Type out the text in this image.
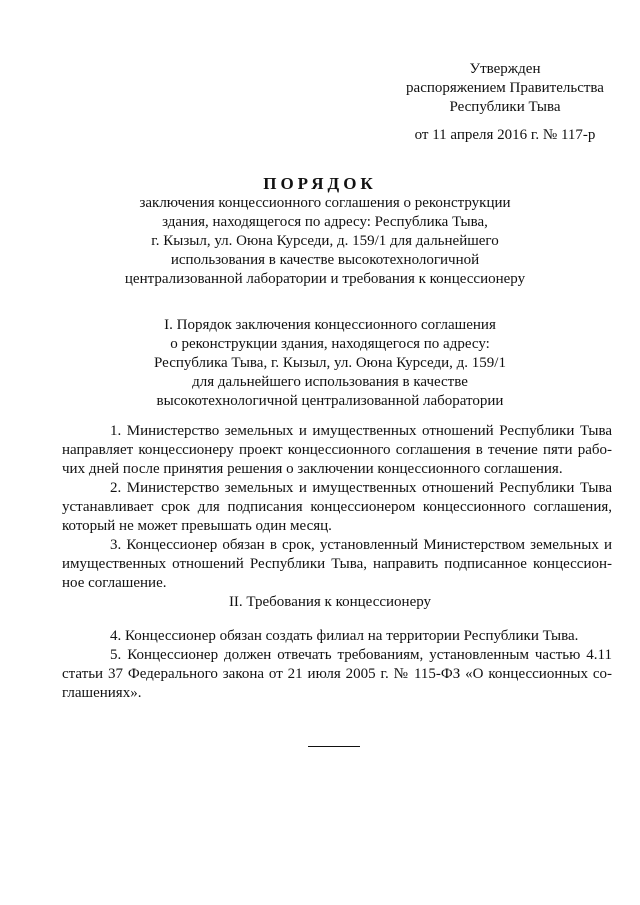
Утвержден
распоряжением Правительства
Республики Тыва
от 11 апреля 2016 г. № 117-р
ПОРЯДОК
заключения концессионного соглашения о реконструкции
здания, находящегося по адресу: Республика Тыва,
г. Кызыл, ул. Оюна Курседи, д. 159/1 для дальнейшего
использования в качестве высокотехнологичной
централизованной лаборатории и требования к концессионеру
I. Порядок заключения концессионного соглашения
о реконструкции здания, находящегося по адресу:
Республика Тыва, г. Кызыл, ул. Оюна Курседи, д. 159/1
для дальнейшего использования в качестве
высокотехнологичной централизованной лаборатории

1. Министерство земельных и имущественных отношений Республики Тыва направляет концессионеру проект концессионного соглашения в течение пяти рабо-чих дней после принятия решения о заключении концессионного соглашения.

2. Министерство земельных и имущественных отношений Республики Тыва устанавливает срок для подписания концессионером концессионного соглашения, который не может превышать один месяц.

3. Концессионер обязан в срок, установленный Министерством земельных и имущественных отношений Республики Тыва, направить подписанное концессион-ное соглашение.

II. Требования к концессионеру

4. Концессионер обязан создать филиал на территории Республики Тыва.

5. Концессионер должен отвечать требованиям, установленным частью 4.11 статьи 37 Федерального закона от 21 июля 2005 г. № 115-ФЗ «О концессионных со-глашениях».
